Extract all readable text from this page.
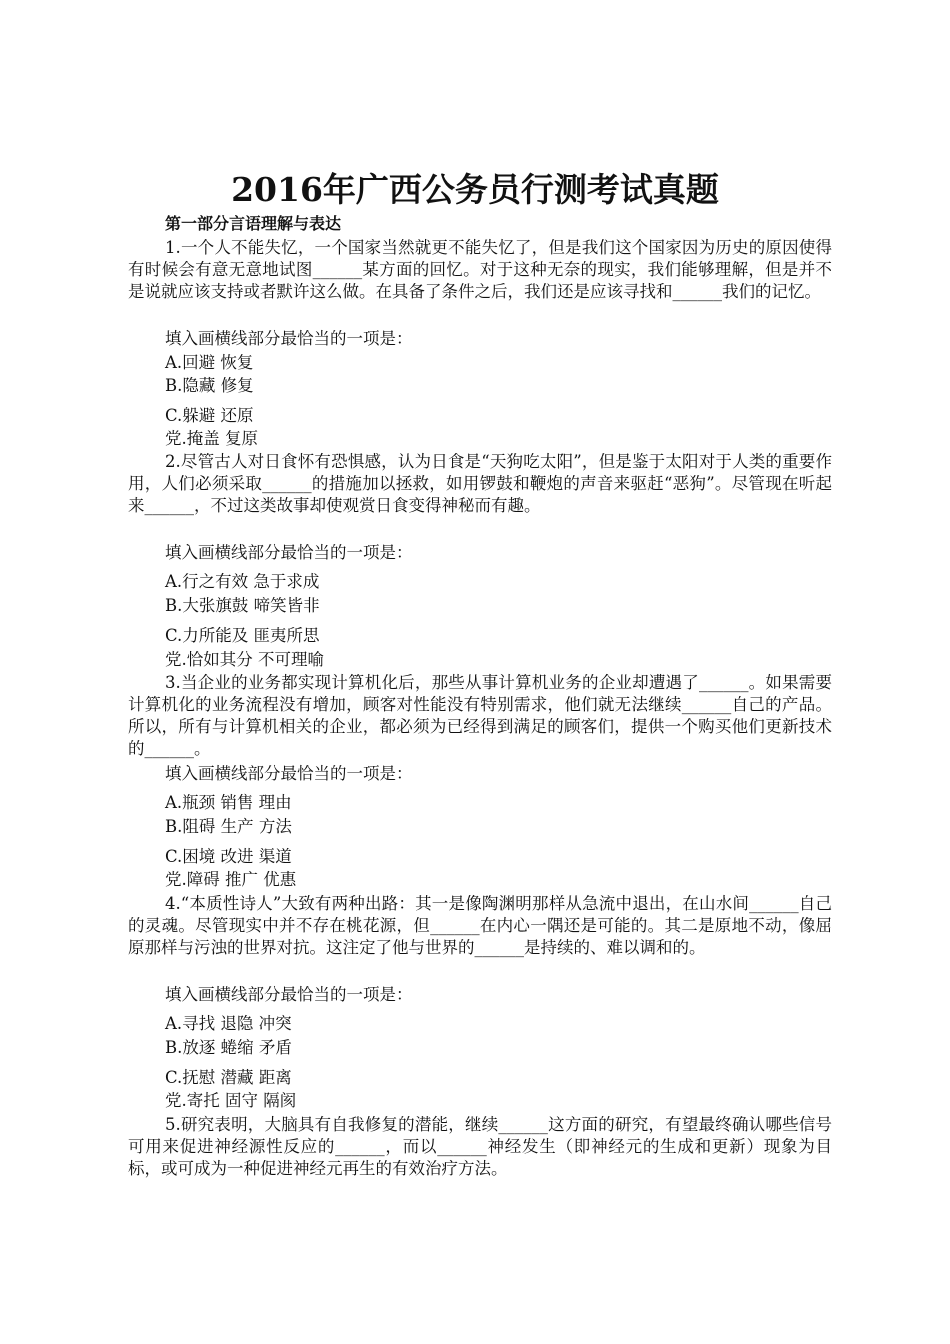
2016年广西公务员行测考试真题
第一部分言语理解与表达

1.一个人不能失忆，一个国家当然就更不能失忆了，但是我们这个国家因为历史的原因使得有时候会有意无意地试图______某方面的回忆。对于这种无奈的现实，我们能够理解，但是并不是说就应该支持或者默许这么做。在具备了条件之后，我们还是应该寻找和______我们的记忆。

填入画横线部分最恰当的一项是：

A.回避 恢复

B.隐藏 修复

C.躲避 还原

党.掩盖 复原

2.尽管古人对日食怀有恐惧感，认为日食是“天狗吃太阳”，但是鉴于太阳对于人类的重要作用，人们必须采取______的措施加以拯救，如用锣鼓和鞭炮的声音来驱赶“恶狗”。尽管现在听起来______，不过这类故事却使观赏日食变得神秘而有趣。

填入画横线部分最恰当的一项是：

A.行之有效 急于求成

B.大张旗鼓 啼笑皆非

C.力所能及 匪夷所思

党.恰如其分 不可理喻

3.当企业的业务都实现计算机化后，那些从事计算机业务的企业却遭遇了______。如果需要计算机化的业务流程没有增加，顾客对性能没有特别需求，他们就无法继续______自己的产品。所以，所有与计算机相关的企业，都必须为已经得到满足的顾客们，提供一个购买他们更新技术的______。

填入画横线部分最恰当的一项是：

A.瓶颈 销售 理由

B.阻碍 生产 方法

C.困境 改进 渠道

党.障碍 推广 优惠

4.“本质性诗人”大致有两种出路：其一是像陶渊明那样从急流中退出，在山水间______自己的灵魂。尽管现实中并不存在桃花源，但______在内心一隅还是可能的。其二是原地不动，像屈原那样与污浊的世界对抗。这注定了他与世界的______是持续的、难以调和的。

填入画横线部分最恰当的一项是：

A.寻找 退隐 冲突

B.放逐 蜷缩 矛盾

C.抚慰 潜藏 距离

党.寄托 固守 隔阂

5.研究表明，大脑具有自我修复的潜能，继续______这方面的研究，有望最终确认哪些信号可用来促进神经源性反应的______，而以______神经发生（即神经元的生成和更新）现象为目标，或可成为一种促进神经元再生的有效治疗方法。
